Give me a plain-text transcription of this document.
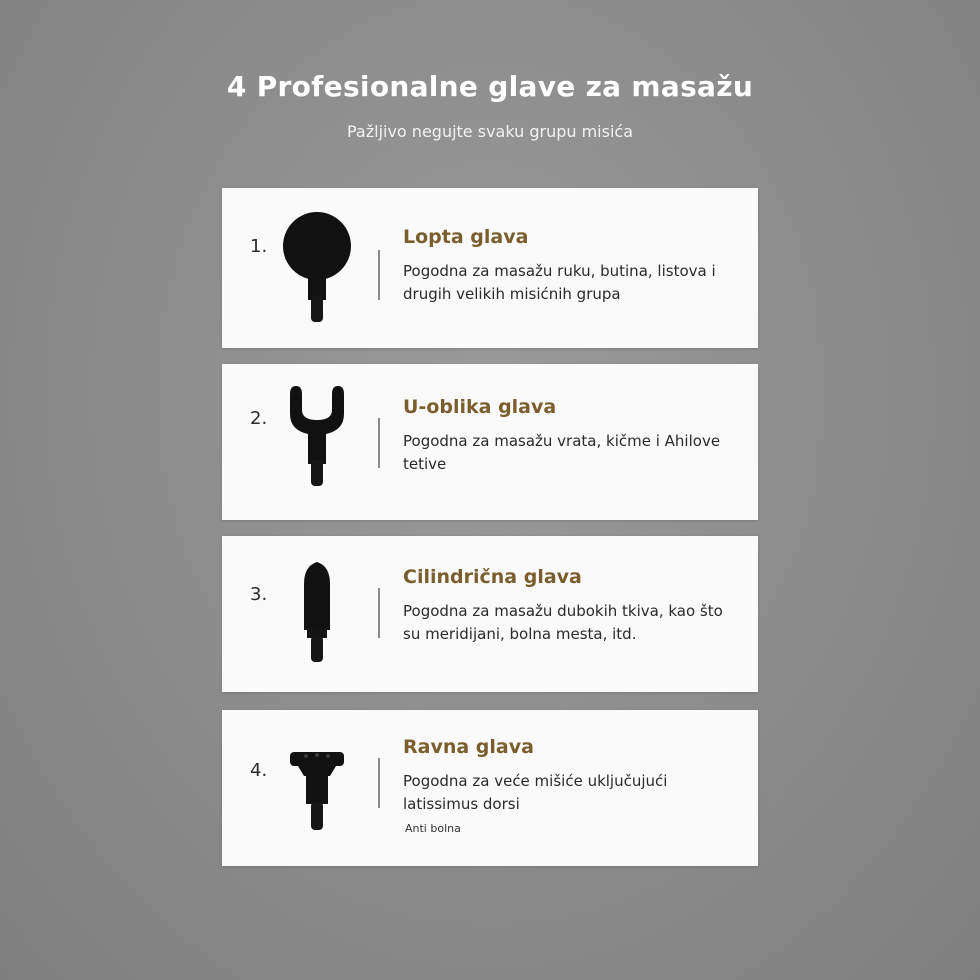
4 Profesionalne glave za masažu
Pažljivo negujte svaku grupu misića
1.	Lopta glava
Pogodna za masažu ruku, butina, listova i drugih velikih misićnih grupa
2.
U-oblika glava
Pogodna za masažu vrata, kičme i Ahilove tetive
3.
Cilindrična glava
Pogodna za masažu dubokih tkiva, kao što su meridijani, bolna mesta, itd.
4.
Ravna glava
Pogodna za veće mišiće uključujući latissimus dorsi
Anti bolna
